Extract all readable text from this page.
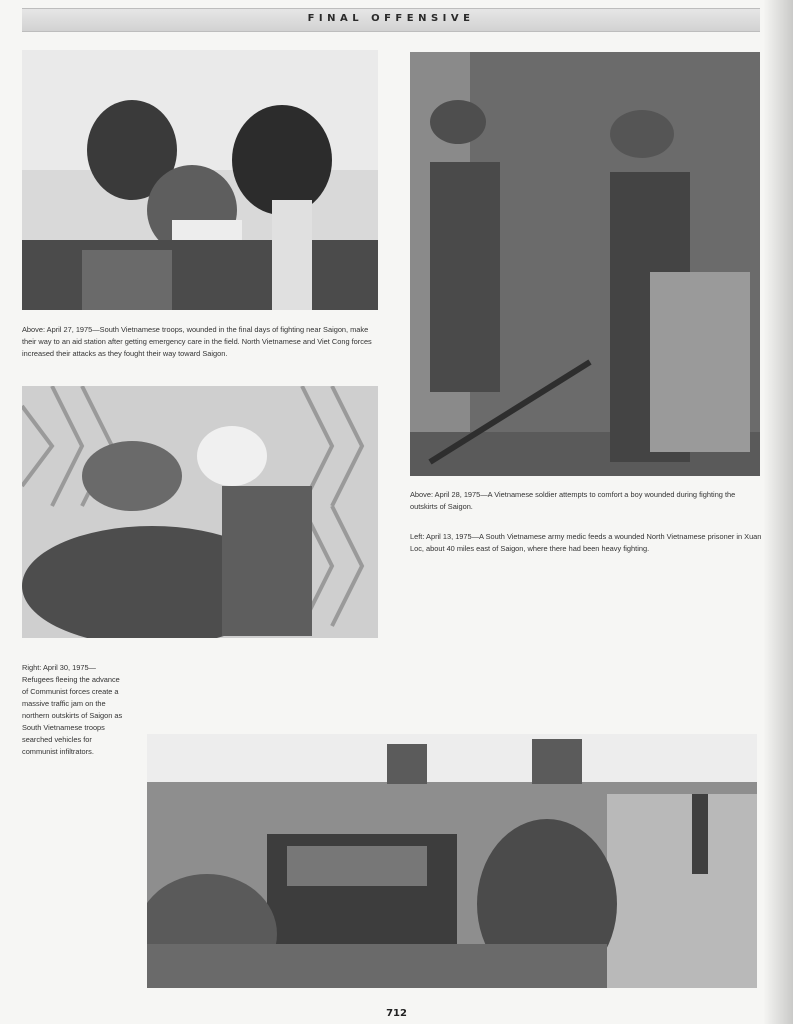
FINAL OFFENSIVE
Above: April 27, 1975—South Vietnamese troops, wounded in the final days of fighting near Saigon, make their way to an aid station after getting emergency care in the field. North Vietnamese and Viet Cong forces increased their attacks as they fought their way toward Saigon.
Above: April 28, 1975—A Vietnamese soldier attempts to comfort a boy wounded during fighting the outskirts of Saigon.
Left: April 13, 1975—A South Vietnamese army medic feeds a wounded North Vietnamese prisoner in Xuan Loc, about 40 miles east of Saigon, where there had been heavy fighting.
Right: April 30, 1975—Refugees fleeing the advance of Communist forces create a massive traffic jam on the northern outskirts of Saigon as South Vietnamese troops searched vehicles for communist infiltrators.
712
